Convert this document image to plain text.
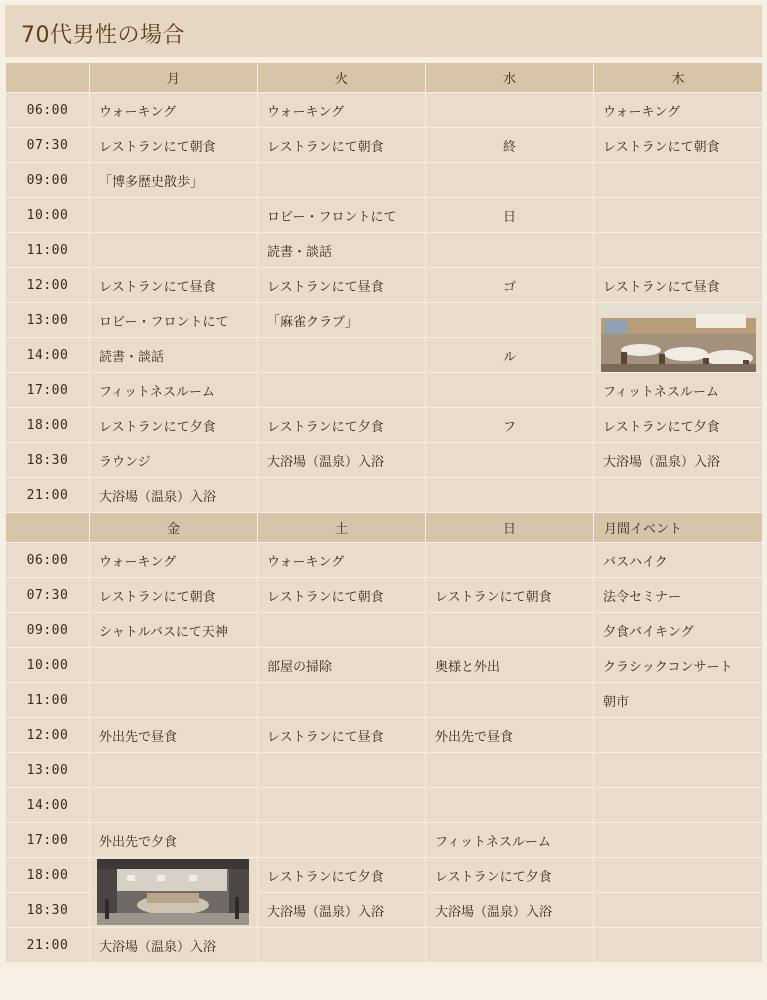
70代男性の場合
	月	火	水	木
06:00	ウォーキング	ウォーキング		ウォーキング
07:30	レストランにて朝食	レストランにて朝食	終	レストランにて朝食
09:00	「博多歴史散歩」			
10:00		ロビー・フロントにて	日	
11:00		読書・談話		
12:00	レストランにて昼食	レストランにて昼食	ゴ	レストランにて昼食
13:00	ロビー・フロントにて	「麻雀クラブ」		

14:00	読書・談話		ル	
17:00	フィットネスルーム			フィットネスルーム
18:00	レストランにて夕食	レストランにて夕食	フ	レストランにて夕食
18:30	ラウンジ	大浴場（温泉）入浴		大浴場（温泉）入浴
21:00	大浴場（温泉）入浴			
	金	土	日	月間イベント
06:00	ウォーキング	ウォーキング		バスハイク
07:30	レストランにて朝食	レストランにて朝食	レストランにて朝食	法令セミナー
09:00	シャトルバスにて天神			夕食バイキング
10:00		部屋の掃除	奥様と外出	クラシックコンサート
11:00				朝市
12:00	外出先で昼食	レストランにて昼食	外出先で昼食	
13:00				
14:00				
17:00	外出先で夕食		フィットネスルーム	
18:00		レストランにて夕食	レストランにて夕食	
18:30		大浴場（温泉）入浴	大浴場（温泉）入浴	
21:00	大浴場（温泉）入浴			
